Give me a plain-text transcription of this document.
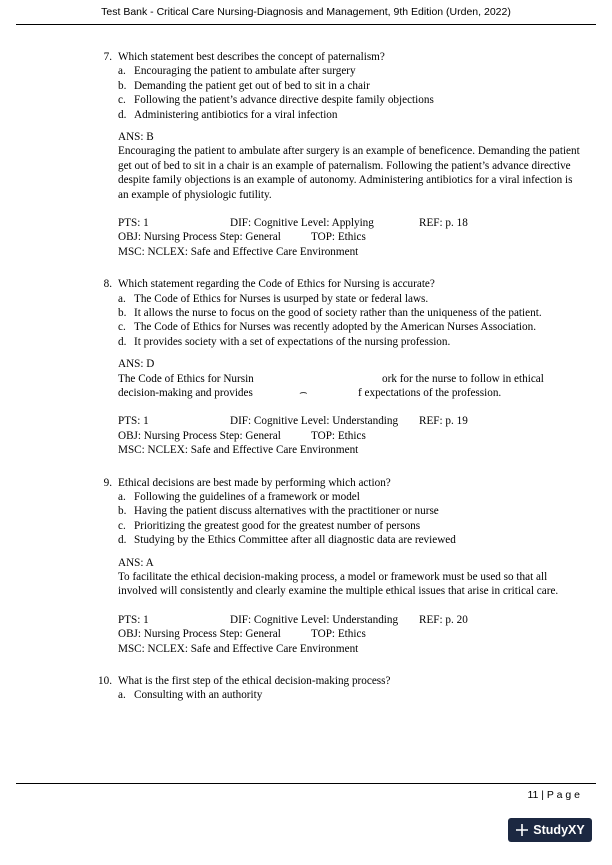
Test Bank - Critical Care Nursing-Diagnosis and Management, 9th Edition (Urden, 2022)
7. Which statement best describes the concept of paternalism?
a. Encouraging the patient to ambulate after surgery
b. Demanding the patient get out of bed to sit in a chair
c. Following the patient’s advance directive despite family objections
d. Administering antibiotics for a viral infection
ANS: B
Encouraging the patient to ambulate after surgery is an example of beneficence. Demanding the patient get out of bed to sit in a chair is an example of paternalism. Following the patient’s advance directive despite family objections is an example of autonomy. Administering antibiotics for a viral infection is an example of physiologic futility.
PTS: 1	DIF: Cognitive Level: Applying	REF: p. 18
OBJ: Nursing Process Step: General	TOP: Ethics
MSC: NCLEX: Safe and Effective Care Environment
8. Which statement regarding the Code of Ethics for Nursing is accurate?
a. The Code of Ethics for Nurses is usurped by state or federal laws.
b. It allows the nurse to focus on the good of society rather than the uniqueness of the patient.
c. The Code of Ethics for Nurses was recently adopted by the American Nurses Association.
d. It provides society with a set of expectations of the nursing profession.
ANS: D
The Code of Ethics for Nursin	ork for the nurse to follow in ethical
decision-making and provides	f expectations of the profession.
PTS: 1	DIF: Cognitive Level: Understanding REF: p. 19
OBJ: Nursing Process Step: General	TOP: Ethics
MSC: NCLEX: Safe and Effective Care Environment
9. Ethical decisions are best made by performing which action?
a. Following the guidelines of a framework or model
b. Having the patient discuss alternatives with the practitioner or nurse
c. Prioritizing the greatest good for the greatest number of persons
d. Studying by the Ethics Committee after all diagnostic data are reviewed
ANS: A
To facilitate the ethical decision-making process, a model or framework must be used so that all involved will consistently and clearly examine the multiple ethical issues that arise in critical care.
PTS: 1	DIF: Cognitive Level: Understanding REF: p. 20
OBJ: Nursing Process Step: General	TOP: Ethics
MSC: NCLEX: Safe and Effective Care Environment
10. What is the first step of the ethical decision-making process?
a. Consulting with an authority
11 | P a g e
StudyXY
